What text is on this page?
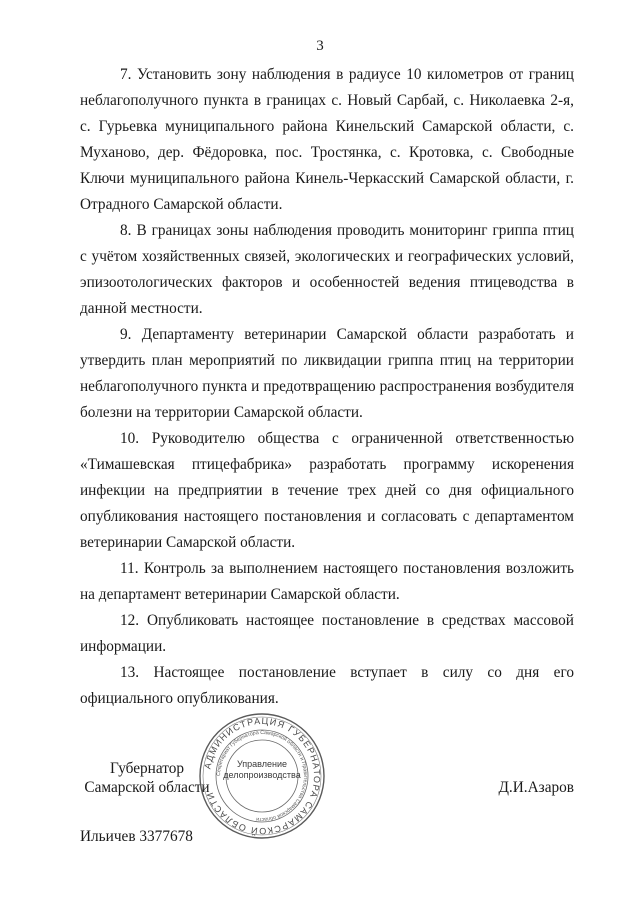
3

7. Установить зону наблюдения в радиусе 10 километров от границ неблагополучного пункта в границах с. Новый Сарбай, с. Николаевка 2-я, с. Гурьевка муниципального района Кинельский Самарской области, с. Муханово, дер. Фёдоровка, пос. Тростянка, с. Кротовка, с. Свободные Ключи муниципального района Кинель-Черкасский Самарской области, г. Отрадного Самарской области.

8. В границах зоны наблюдения проводить мониторинг гриппа птиц с учётом хозяйственных связей, экологических и географических условий, эпизоотологических факторов и особенностей ведения птицеводства в данной местности.

9. Департаменту ветеринарии Самарской области разработать и утвердить план мероприятий по ликвидации гриппа птиц на территории неблагополучного пункта и предотвращению распространения возбудителя болезни на территории Самарской области.

10. Руководителю общества с ограниченной ответственностью «Тимашевская птицефабрика» разработать программу искоренения инфекции на предприятии в течение трех дней со дня официального опубликования настоящего постановления и согласовать с департаментом ветеринарии Самарской области.

11. Контроль за выполнением настоящего постановления возложить на департамент ветеринарии Самарской области.

12. Опубликовать настоящее постановление в средствах массовой информации.

13. Настоящее постановление вступает в силу со дня его официального опубликования.

Губернатор
Самарской области
АДМИНИСТРАЦИЯ ГУБЕРНАТОРА САМАРСКОЙ ОБЛАСТИ
Секретариат Губернатора Самарской области и Правительства Самарской области
Управление
делопроизводства
Д.И.Азаров
Ильичев 3377678
